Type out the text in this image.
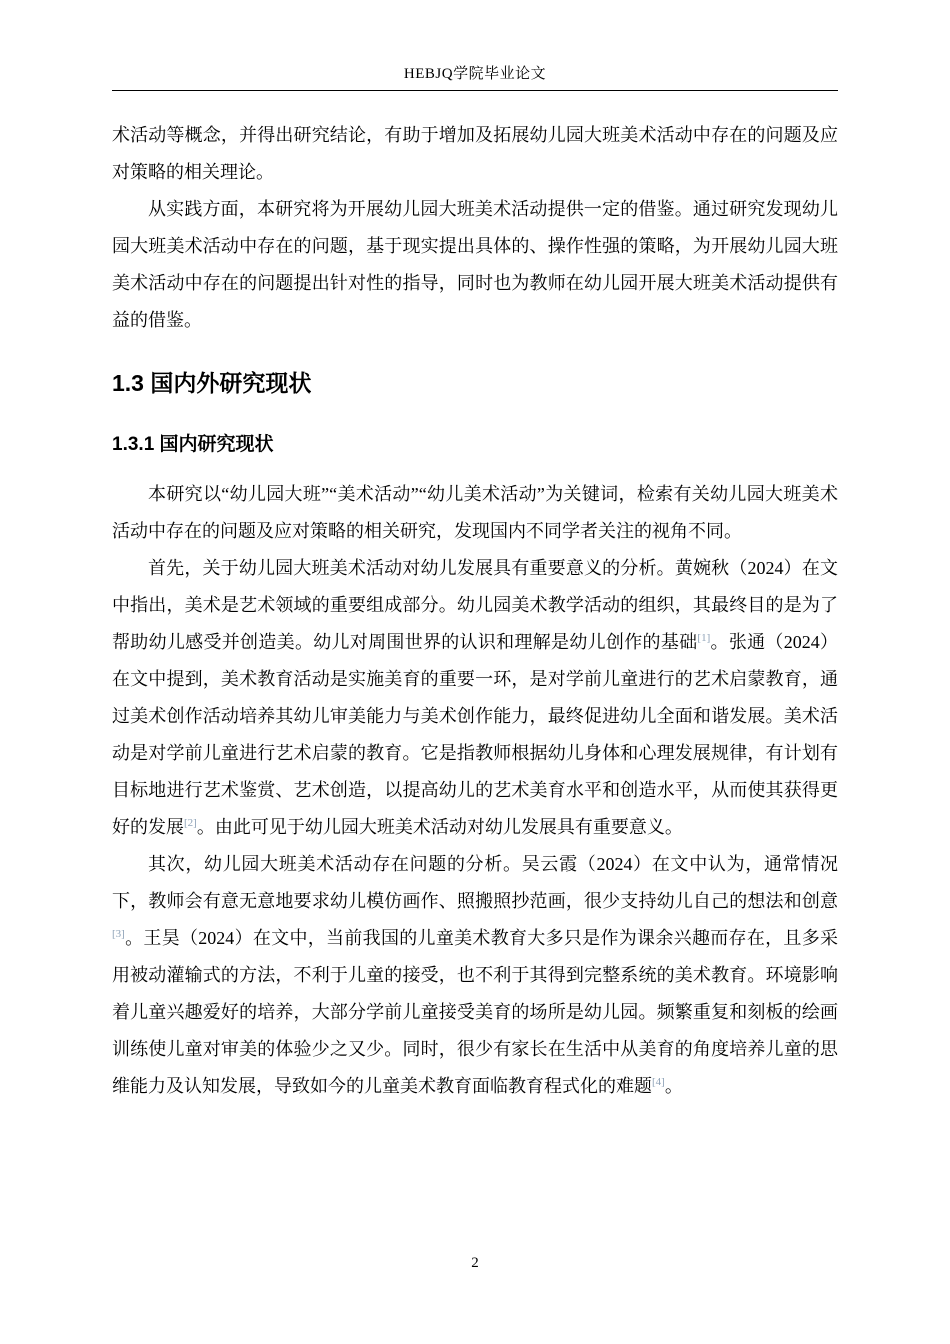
HEBJQ学院毕业论文

术活动等概念，并得出研究结论，有助于增加及拓展幼儿园大班美术活动中存在的问题及应对策略的相关理论。

从实践方面，本研究将为开展幼儿园大班美术活动提供一定的借鉴。通过研究发现幼儿园大班美术活动中存在的问题，基于现实提出具体的、操作性强的策略，为开展幼儿园大班美术活动中存在的问题提出针对性的指导，同时也为教师在幼儿园开展大班美术活动提供有益的借鉴。

1.3 国内外研究现状
1.3.1 国内研究现状

本研究以“幼儿园大班”“美术活动”“幼儿美术活动”为关键词，检索有关幼儿园大班美术活动中存在的问题及应对策略的相关研究，发现国内不同学者关注的视角不同。

首先，关于幼儿园大班美术活动对幼儿发展具有重要意义的分析。黄婉秋（2024）在文中指出，美术是艺术领域的重要组成部分。幼儿园美术教学活动的组织，其最终目的是为了帮助幼儿感受并创造美。幼儿对周围世界的认识和理解是幼儿创作的基础[1]。张通（2024）在文中提到，美术教育活动是实施美育的重要一环，是对学前儿童进行的艺术启蒙教育，通过美术创作活动培养其幼儿审美能力与美术创作能力，最终促进幼儿全面和谐发展。美术活动是对学前儿童进行艺术启蒙的教育。它是指教师根据幼儿身体和心理发展规律，有计划有目标地进行艺术鉴赏、艺术创造，以提高幼儿的艺术美育水平和创造水平，从而使其获得更好的发展[2]。由此可见于幼儿园大班美术活动对幼儿发展具有重要意义。

其次，幼儿园大班美术活动存在问题的分析。吴云霞（2024）在文中认为，通常情况下，教师会有意无意地要求幼儿模仿画作、照搬照抄范画，很少支持幼儿自己的想法和创意[3]。王昊（2024）在文中，当前我国的儿童美术教育大多只是作为课余兴趣而存在，且多采用被动灌输式的方法，不利于儿童的接受，也不利于其得到完整系统的美术教育。环境影响着儿童兴趣爱好的培养，大部分学前儿童接受美育的场所是幼儿园。频繁重复和刻板的绘画训练使儿童对审美的体验少之又少。同时，很少有家长在生活中从美育的角度培养儿童的思维能力及认知发展，导致如今的儿童美术教育面临教育程式化的难题[4]。

2
